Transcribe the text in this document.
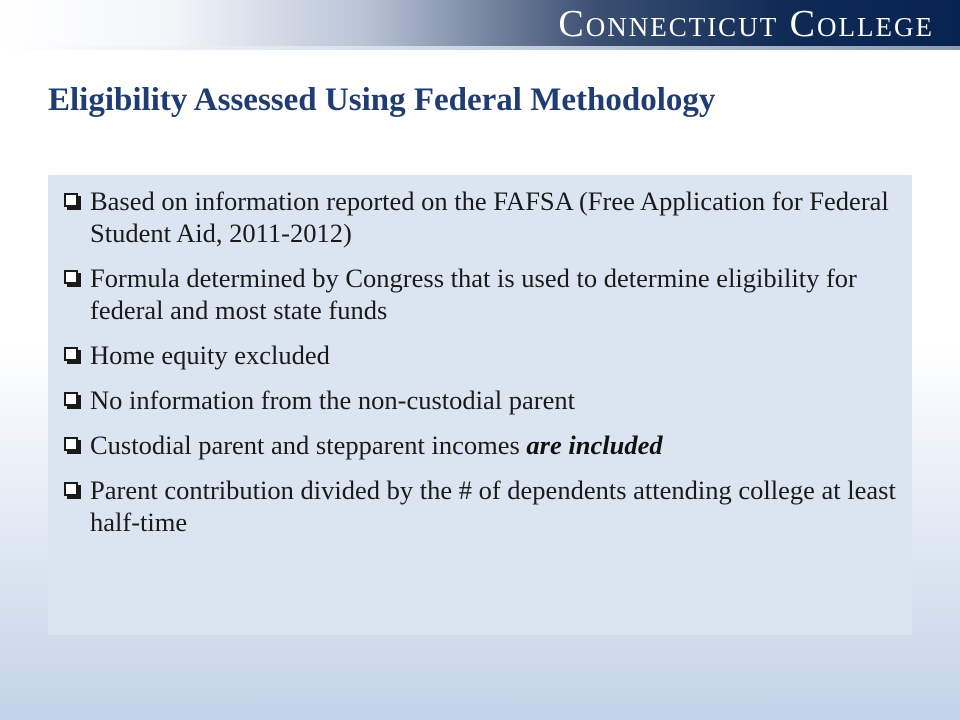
Connecticut College
Eligibility Assessed Using Federal Methodology
Based on information reported on the FAFSA (Free Application for Federal Student Aid, 2011-2012)
Formula determined by Congress that is used to determine eligibility for federal and most state funds
Home equity excluded
No information from the non-custodial parent
Custodial parent and stepparent incomes are included
Parent contribution divided by the # of dependents attending college at least half-time
